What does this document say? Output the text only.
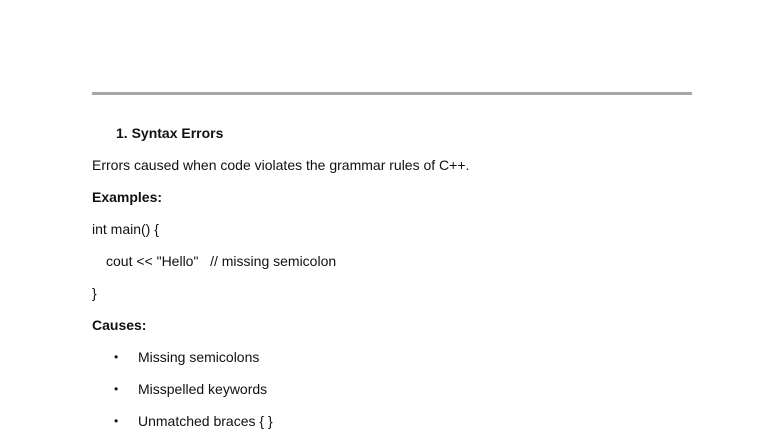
1. Syntax Errors
Errors caused when code violates the grammar rules of C++.
Examples:
int main() {
cout << "Hello"   // missing semicolon
}
Causes:
•	Missing semicolons
•	Misspelled keywords
•	Unmatched braces { }
